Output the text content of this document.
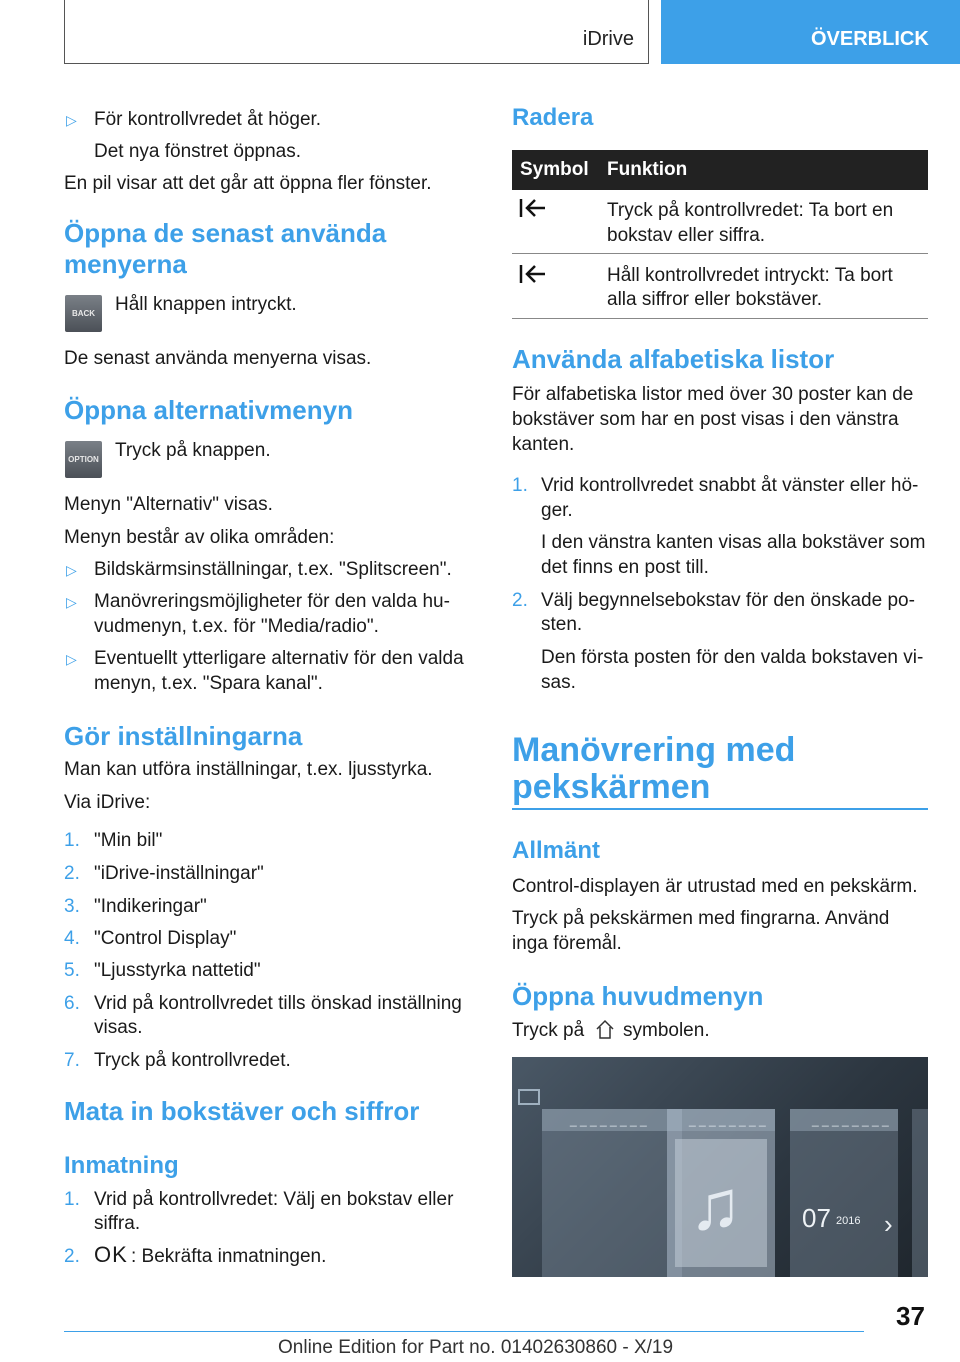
iDrive	ÖVERBLICK
▷ För kontrollvredet åt höger.
Det nya fönstret öppnas.
En pil visar att det går att öppna fler fönster.
Öppna de senast använda menyerna
BACK	Håll knappen intryckt.
De senast använda menyerna visas.
Öppna alternativmenyn
OPTION Tryck på knappen.
Menyn "Alternativ" visas.
Menyn består av olika områden:
▷ Bildskärmsinställningar, t.ex. "Splitscreen".
▷ Manövreringsmöjligheter för den valda hu-
vudmenyn, t.ex. för "Media/radio".
▷ Eventuellt ytterligare alternativ för den valda
menyn, t.ex. "Spara kanal".
Gör inställningarna
Man kan utföra inställningar, t.ex. ljusstyrka.
Via iDrive:
1. "Min bil"
2. "iDrive-inställningar"
3. "Indikeringar"
4. "Control Display"
5. "Ljusstyrka nattetid"
6. Vrid på kontrollvredet tills önskad inställning
visas.
7. Tryck på kontrollvredet.
Mata in bokstäver och siffror
Inmatning
1. Vrid på kontrollvredet: Välj en bokstav eller
siffra.
2. OK : Bekräfta inmatningen.
Radera
Symbol Funktion
Tryck på kontrollvredet: Ta bort en
bokstav eller siffra.
Håll kontrollvredet intryckt: Ta bort
alla siffror eller bokstäver.
Använda alfabetiska listor
För alfabetiska listor med över 30 poster kan de
bokstäver som har en post visas i den vänstra
kanten.
1. Vrid kontrollvredet snabbt åt vänster eller hö-
ger.
I den vänstra kanten visas alla bokstäver som
det finns en post till.
2. Välj begynnelsebokstav för den önskade po-
sten.
Den första posten för den valda bokstaven vi-
sas.
Manövrering med
pekskärmen
Allmänt
Control-displayen är utrustad med en pekskärm.
Tryck på pekskärmen med fingrarna. Använd
inga föremål.
Öppna huvudmenyn
Tryck på symbolen.
_ _ _ _ _ _ _ _	_ _ _ _ _ _ _ _
♫
_ _ _ _ _ _ _ _
07 2016 ›
37
Online Edition for Part no. 01402630860 - X/19
